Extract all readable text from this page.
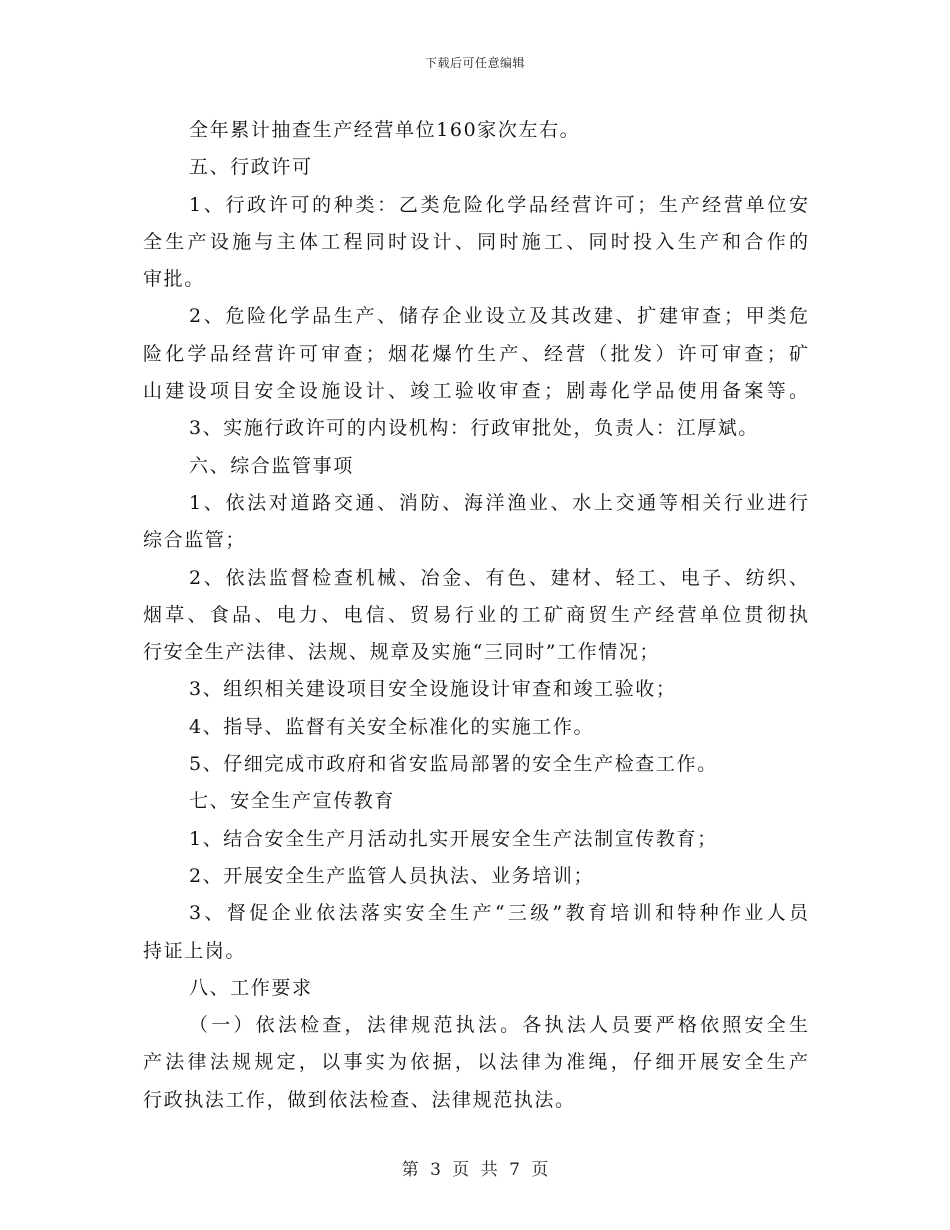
下载后可任意编辑
全年累计抽查生产经营单位160家次左右。
五、行政许可
1、行政许可的种类：乙类危险化学品经营许可；生产经营单位安
全生产设施与主体工程同时设计、同时施工、同时投入生产和合作的
审批。
2、危险化学品生产、储存企业设立及其改建、扩建审查；甲类危
险化学品经营许可审查；烟花爆竹生产、经营（批发）许可审查；矿
山建设项目安全设施设计、竣工验收审查；剧毒化学品使用备案等。
3、实施行政许可的内设机构：行政审批处，负责人：江厚斌。
六、综合监管事项
1、依法对道路交通、消防、海洋渔业、水上交通等相关行业进行
综合监管；
2、依法监督检查机械、冶金、有色、建材、轻工、电子、纺织、
烟草、食品、电力、电信、贸易行业的工矿商贸生产经营单位贯彻执
行安全生产法律、法规、规章及实施“三同时”工作情况；
3、组织相关建设项目安全设施设计审查和竣工验收；
4、指导、监督有关安全标准化的实施工作。
5、仔细完成市政府和省安监局部署的安全生产检查工作。
七、安全生产宣传教育
1、结合安全生产月活动扎实开展安全生产法制宣传教育；
2、开展安全生产监管人员执法、业务培训；
3、督促企业依法落实安全生产“三级”教育培训和特种作业人员
持证上岗。
八、工作要求
（一）依法检查，法律规范执法。各执法人员要严格依照安全生
产法律法规规定，以事实为依据，以法律为准绳，仔细开展安全生产
行政执法工作，做到依法检查、法律规范执法。
第 3 页 共 7 页
